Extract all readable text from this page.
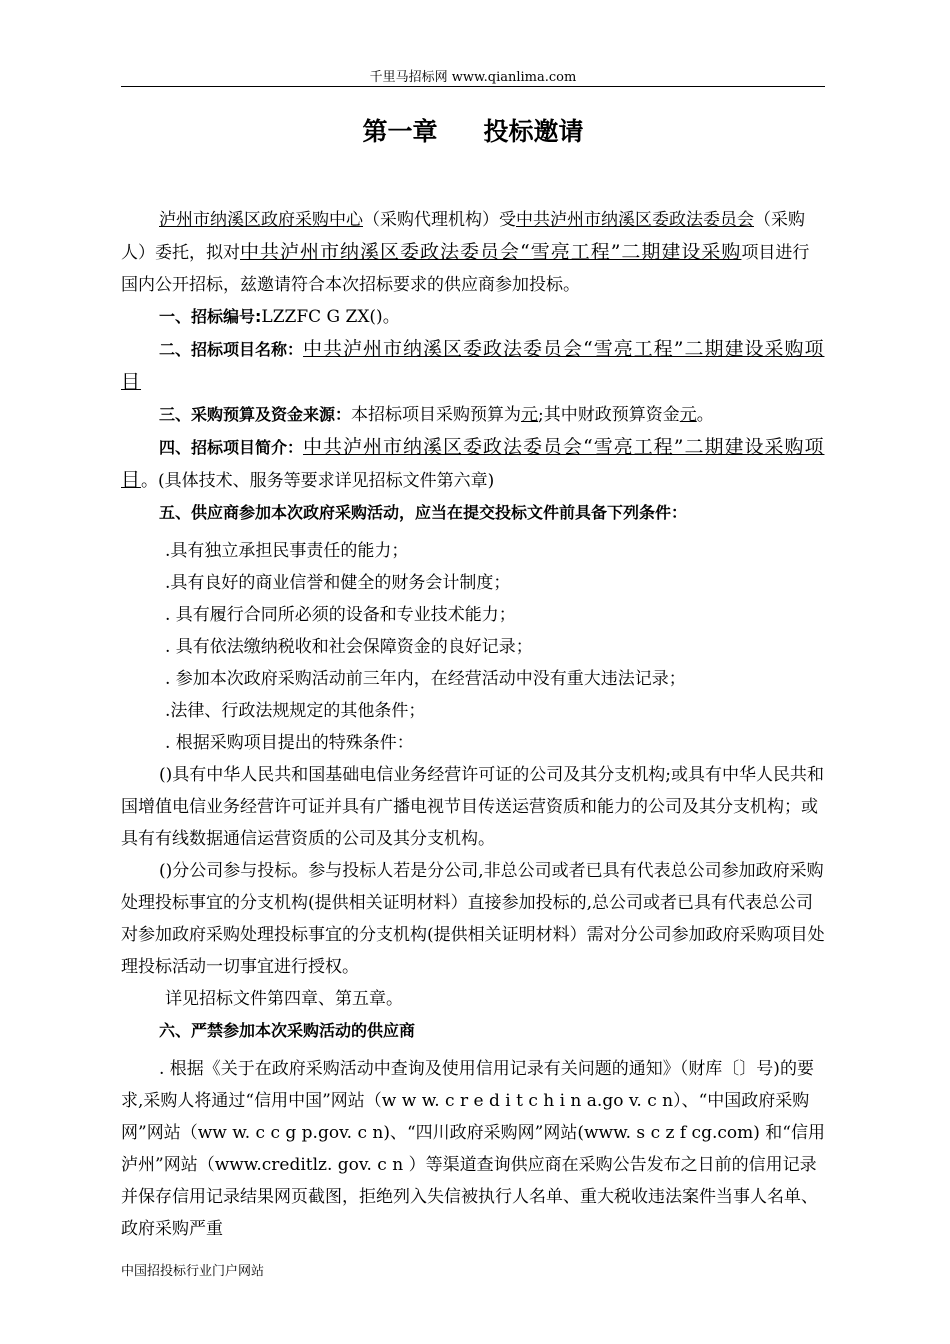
千里马招标网 www.qianlima.com
第一章 投标邀请

泸州市纳溪区政府采购中心（采购代理机构）受中共泸州市纳溪区委政法委员会（采购人）委托，拟对中共泸州市纳溪区委政法委员会“雪亮工程”二期建设采购项目进行国内公开招标，兹邀请符合本次招标要求的供应商参加投标。

一、招标编号:LZZFC G ZX()。

二、招标项目名称：中共泸州市纳溪区委政法委员会“雪亮工程”二期建设采购项目

三、采购预算及资金来源：本招标项目采购预算为元;其中财政预算资金元。

四、招标项目简介：中共泸州市纳溪区委政法委员会“雪亮工程”二期建设采购项目。(具体技术、服务等要求详见招标文件第六章)

五、供应商参加本次政府采购活动，应当在提交投标文件前具备下列条件：

.具有独立承担民事责任的能力；

.具有良好的商业信誉和健全的财务会计制度；

. 具有履行合同所必须的设备和专业技术能力；

. 具有依法缴纳税收和社会保障资金的良好记录；

. 参加本次政府采购活动前三年内，在经营活动中没有重大违法记录；

.法律、行政法规规定的其他条件；

. 根据采购项目提出的特殊条件：

()具有中华人民共和国基础电信业务经营许可证的公司及其分支机构;或具有中华人民共和国增值电信业务经营许可证并具有广播电视节目传送运营资质和能力的公司及其分支机构；或具有有线数据通信运营资质的公司及其分支机构。

()分公司参与投标。参与投标人若是分公司,非总公司或者已具有代表总公司参加政府采购处理投标事宜的分支机构(提供相关证明材料）直接参加投标的,总公司或者已具有代表总公司对参加政府采购处理投标事宜的分支机构(提供相关证明材料）需对分公司参加政府采购项目处理投标活动一切事宜进行授权。

详见招标文件第四章、第五章。

六、严禁参加本次采购活动的供应商

. 根据《关于在政府采购活动中查询及使用信用记录有关问题的通知》（财库〔〕号)的要求,采购人将通过“信用中国”网站（w w w. c r e d i t c h i n a.go v. c n）、“中国政府采购网”网站（ww w. c c g p.gov. c n)、“四川政府采购网”网站(www. s c z f cg.com) 和“信用泸州”网站（www.creditlz. gov. c n ）等渠道查询供应商在采购公告发布之日前的信用记录并保存信用记录结果网页截图，拒绝列入失信被执行人名单、重大税收违法案件当事人名单、政府采购严重

中国招投标行业门户网站
